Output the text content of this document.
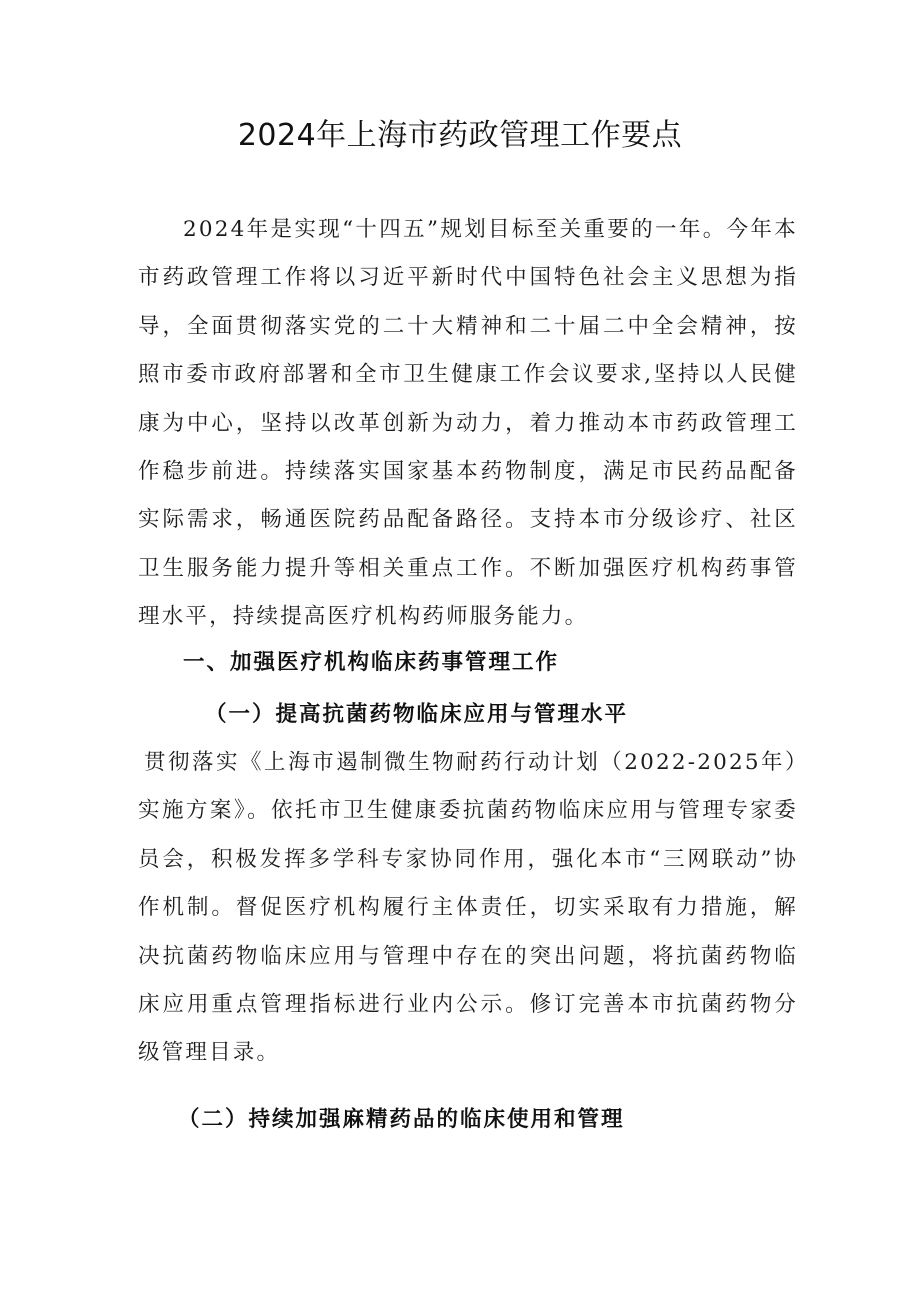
2024年上海市药政管理工作要点

2024年是实现“十四五”规划目标至关重要的一年。今年本市药政管理工作将以习近平新时代中国特色社会主义思想为指导，全面贯彻落实党的二十大精神和二十届二中全会精神，按照市委市政府部署和全市卫生健康工作会议要求,坚持以人民健康为中心，坚持以改革创新为动力，着力推动本市药政管理工作稳步前进。持续落实国家基本药物制度，满足市民药品配备实际需求，畅通医院药品配备路径。支持本市分级诊疗、社区卫生服务能力提升等相关重点工作。不断加强医疗机构药事管理水平，持续提高医疗机构药师服务能力。

一、加强医疗机构临床药事管理工作
（一）提高抗菌药物临床应用与管理水平

贯彻落实《上海市遏制微生物耐药行动计划（2022-2025年）实施方案》。依托市卫生健康委抗菌药物临床应用与管理专家委员会，积极发挥多学科专家协同作用，强化本市“三网联动”协作机制。督促医疗机构履行主体责任，切实采取有力措施，解决抗菌药物临床应用与管理中存在的突出问题，将抗菌药物临床应用重点管理指标进行业内公示。修订完善本市抗菌药物分级管理目录。

（二）持续加强麻精药品的临床使用和管理
